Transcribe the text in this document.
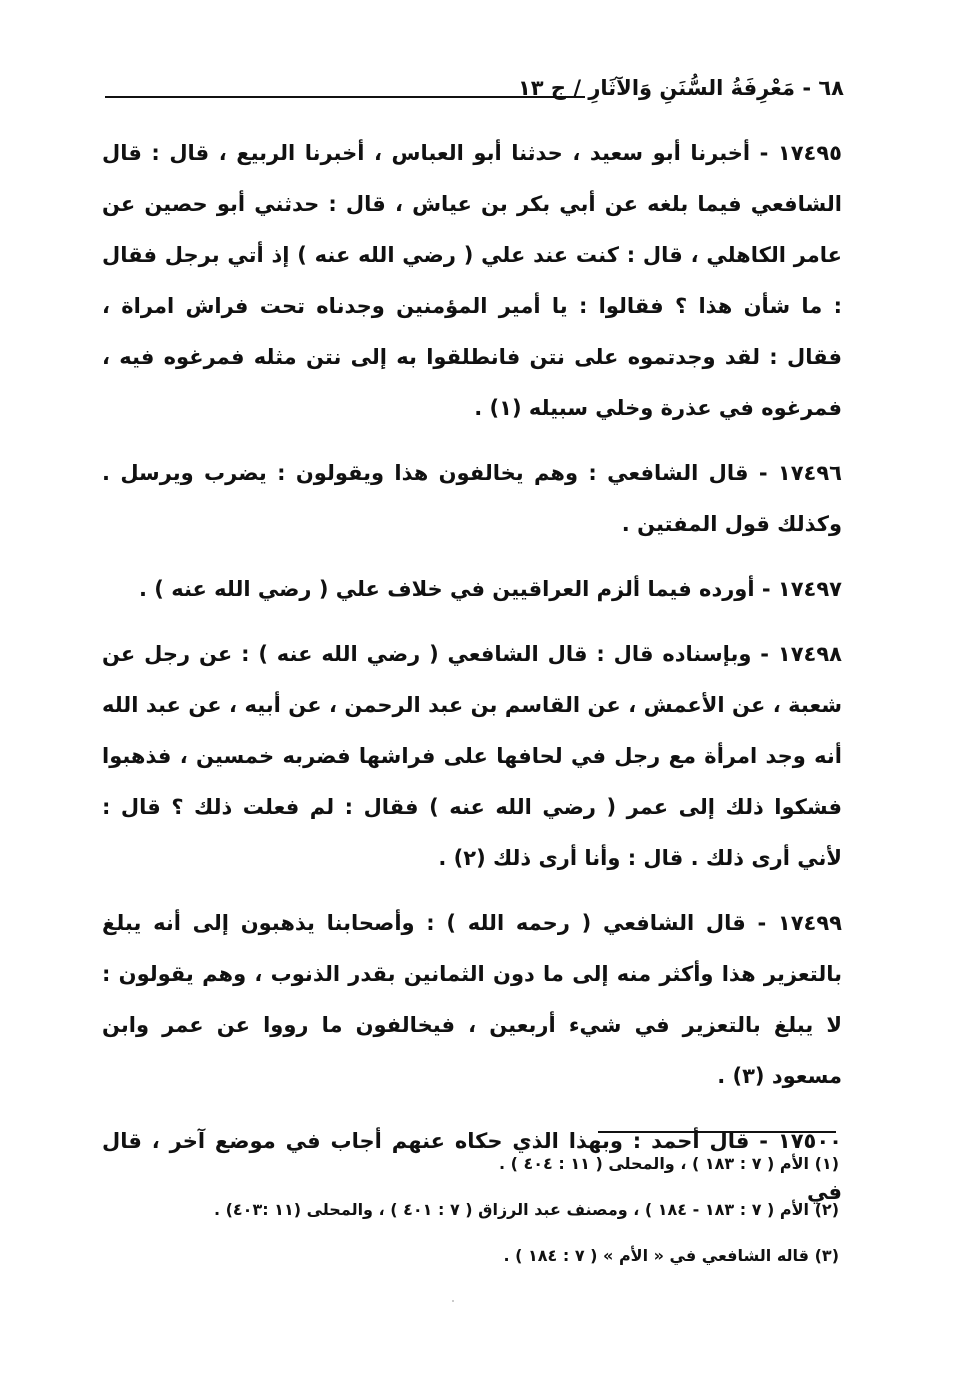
٦٨ - مَعْرِفَةُ السُّنَنِ وَالآثَارِ / ج ١٣

١٧٤٩٥ - أخبرنا أبو سعيد ، حدثنا أبو العباس ، أخبرنا الربيع ، قال : قال الشافعي فيما بلغه عن أبي بكر بن عياش ، قال : حدثني أبو حصين عن عامر الكاهلي ، قال : كنت عند علي ( رضي الله عنه ) إذ أتي برجل فقال : ما شأن هذا ؟ فقالوا : يا أمير المؤمنين وجدناه تحت فراش امراة ، فقال : لقد وجدتموه على نتن فانطلقوا به إلى نتن مثله فمرغوه فيه ، فمرغوه في عذرة وخلي سبيله (١) .

١٧٤٩٦ - قال الشافعي : وهم يخالفون هذا ويقولون : يضرب ويرسل . وكذلك قول المفتين .

١٧٤٩٧ - أورده فيما ألزم العراقيين في خلاف علي ( رضي الله عنه ) .

١٧٤٩٨ - وبإسناده قال : قال الشافعي ( رضي الله عنه ) : عن رجل عن شعبة ، عن الأعمش ، عن القاسم بن عبد الرحمن ، عن أبيه ، عن عبد الله أنه وجد امرأة مع رجل في لحافها على فراشها فضربه خمسين ، فذهبوا فشكوا ذلك إلى عمر ( رضي الله عنه ) فقال : لم فعلت ذلك ؟ قال : لأني أرى ذلك . قال : وأنا أرى ذلك (٢) .

١٧٤٩٩ - قال الشافعي ( رحمه الله ) : وأصحابنا يذهبون إلى أنه يبلغ بالتعزير هذا وأكثر منه إلى ما دون الثمانين بقدر الذنوب ، وهم يقولون : لا يبلغ بالتعزير في شيء أربعين ، فيخالفون ما رووا عن عمر وابن مسعود (٣) .

١٧٥٠٠ - قال أحمد : وبهذا الذي حكاه عنهم أجاب في موضع آخر ، قال في

(١) الأم ( ٧ : ١٨٣ ) ، والمحلى ( ١١ : ٤٠٤ ) .
(٢) الأم ( ٧ : ١٨٣ - ١٨٤ ) ، ومصنف عبد الرزاق ( ٧ : ٤٠١ ) ، والمحلى (١١ :٤٠٣) .
(٣) قاله الشافعي في « الأم » ( ٧ : ١٨٤ ) .
